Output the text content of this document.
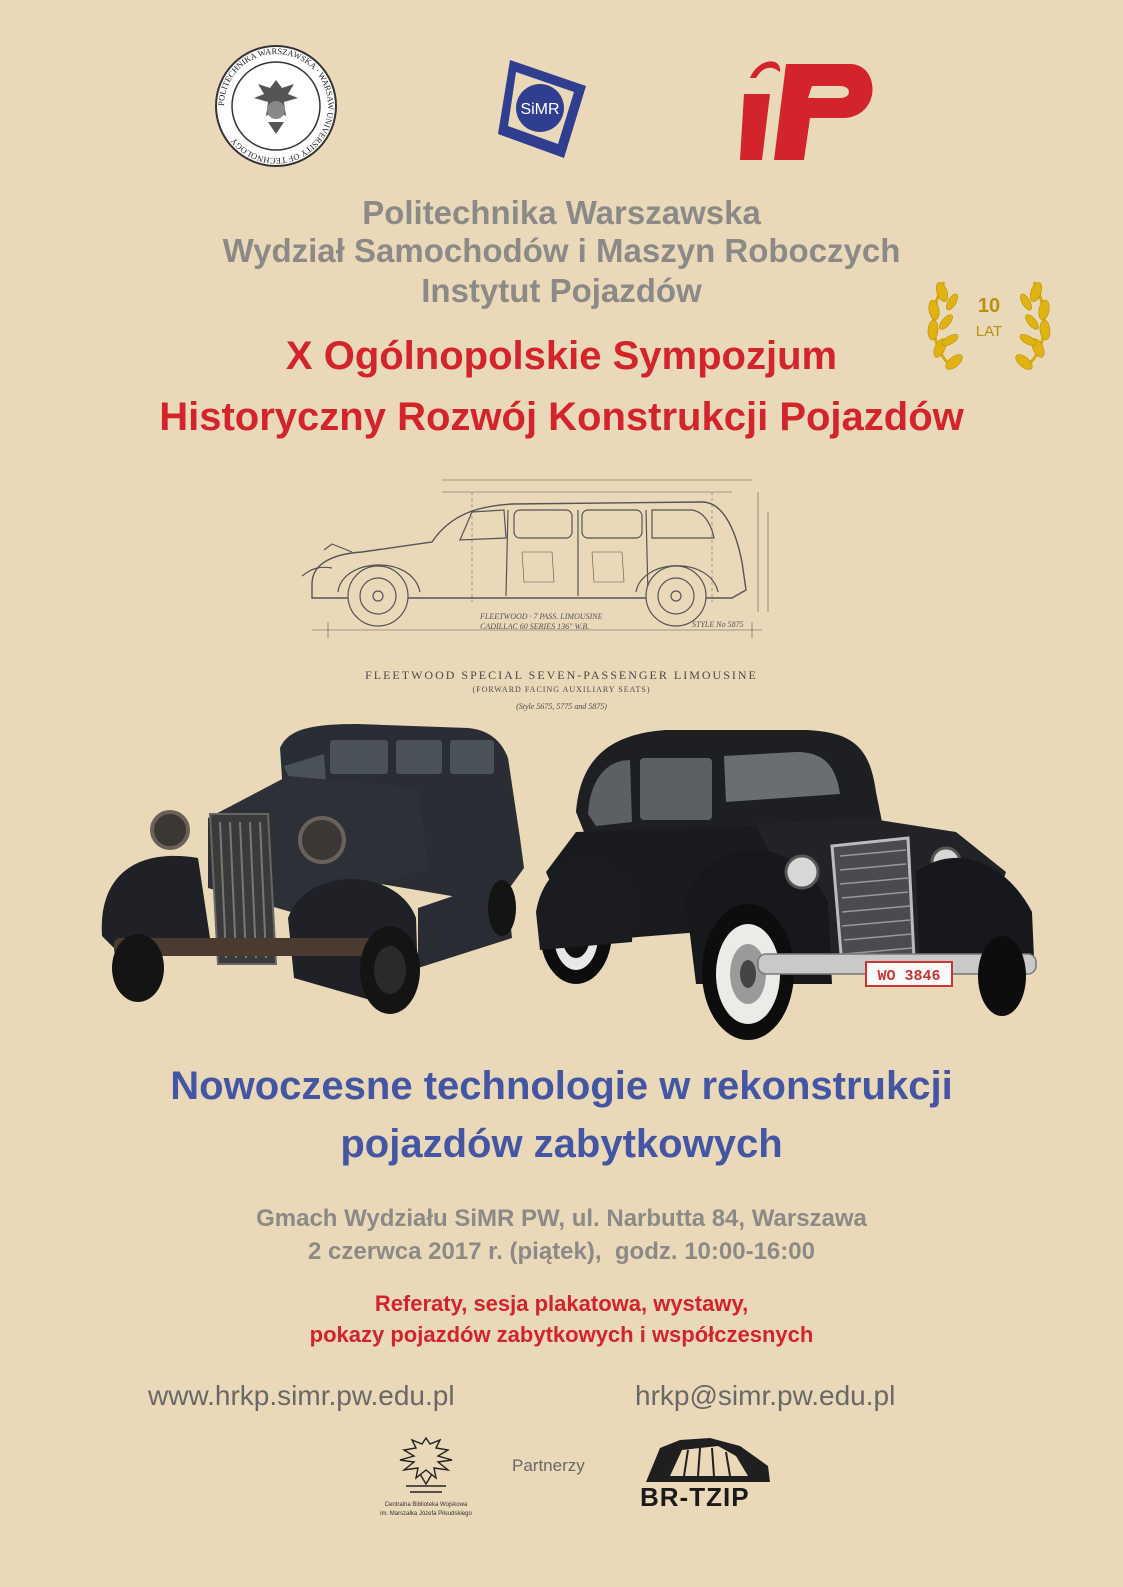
POLITECHNIKA WARSZAWSKA · WARSAW UNIVERSITY OF TECHNOLOGY
SiMR
iP
10
LAT
Politechnika Warszawska
Wydział Samochodów i Maszyn Roboczych
Instytut Pojazdów
X Ogólnopolskie Sympozjum
Historyczny Rozwój Konstrukcji Pojazdów
FLEETWOOD · 7 PASS. LIMOUSINE
CADILLAC 60 SERIES 136" W.B.	STYLE No 5875
FLEETWOOD SPECIAL SEVEN-PASSENGER LIMOUSINE
(FORWARD FACING AUXILIARY SEATS)
(Style 5675, 5775 and 5875)
WO 3846
Nowoczesne technologie w rekonstrukcji
pojazdów zabytkowych
Gmach Wydziału SiMR PW, ul. Narbutta 84, Warszawa
2 czerwca 2017 r. (piątek),  godz. 10:00-16:00
Referaty, sesja plakatowa, wystawy,
pokazy pojazdów zabytkowych i współczesnych
www.hrkp.simr.pw.edu.pl	hrkp@simr.pw.edu.pl
Centralna Biblioteka Wojskowa
im. Marszałka Józefa Piłsudskiego
Partnerzy
BR-TZIP
